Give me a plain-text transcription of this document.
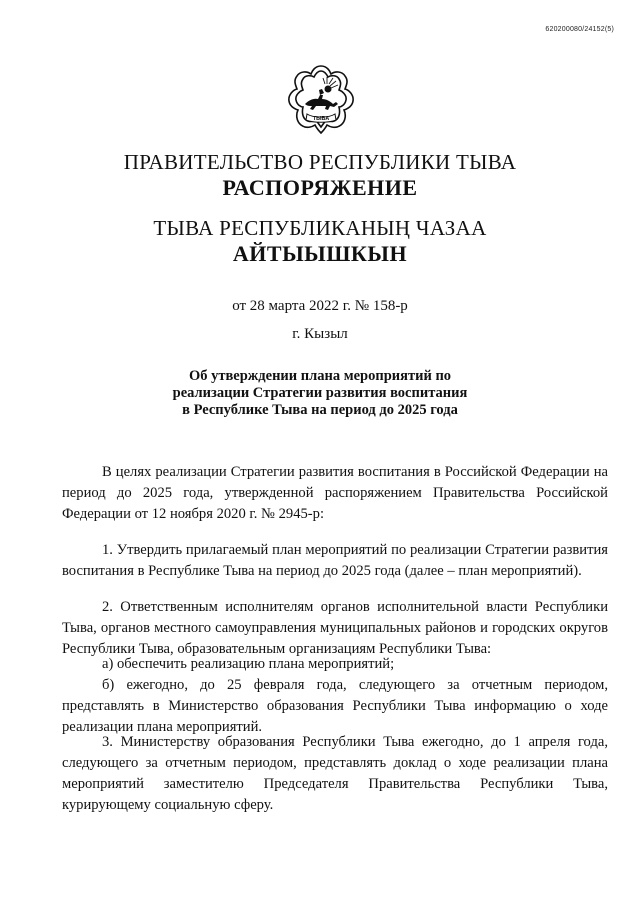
620200080/24152(5)
ТЫВА
ПРАВИТЕЛЬСТВО РЕСПУБЛИКИ ТЫВА
РАСПОРЯЖЕНИЕ
ТЫВА РЕСПУБЛИКАНЫҢ ЧАЗАА
АЙТЫЫШКЫН
от 28 марта 2022 г. № 158-р
г. Кызыл
Об утверждении плана мероприятий по
реализации Стратегии развития воспитания
в Республике Тыва на период до 2025 года

В целях реализации Стратегии развития воспитания в Российской Федерации на период до 2025 года, утвержденной распоряжением Правительства Российской Федерации от 12 ноября 2020 г. № 2945-р:

1. Утвердить прилагаемый план мероприятий по реализации Стратегии развития воспитания в Республике Тыва на период до 2025 года (далее – план мероприятий).

2. Ответственным исполнителям органов исполнительной власти Республики Тыва, органов местного самоуправления муниципальных районов и городских округов Республики Тыва, образовательным организациям Республики Тыва:

а) обеспечить реализацию плана мероприятий;

б) ежегодно, до 25 февраля года, следующего за отчетным периодом, представлять в Министерство образования Республики Тыва информацию о ходе реализации плана мероприятий.

3. Министерству образования Республики Тыва ежегодно, до 1 апреля года, следующего за отчетным периодом, представлять доклад о ходе реализации плана мероприятий заместителю Председателя Правительства Республики Тыва, курирующему социальную сферу.
